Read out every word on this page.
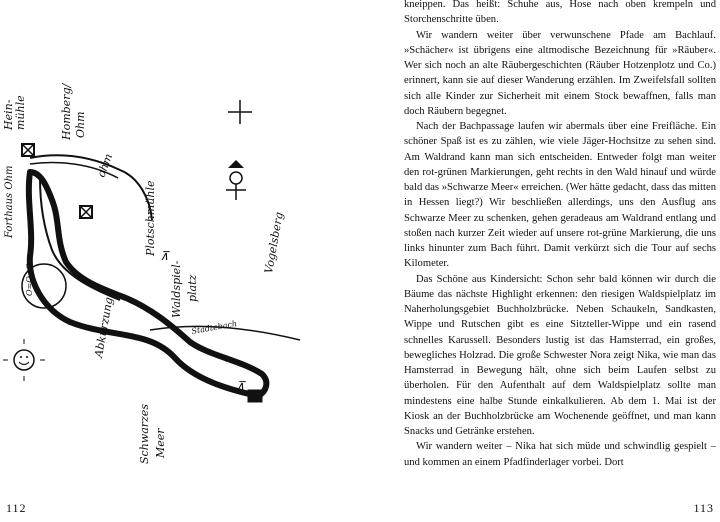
⊼
⊼
Hein- mühle	Homberg/ Ohm
ohm
Forthaus Ohm
O=O=O
Plotschmühle	Vogelsberg
Waldspiel- platz
Abkürzung
Schwarzes Meer
Stadtebach
112

kneippen. Das heißt: Schuhe aus, Hose nach oben krempeln und Storchenschritte üben.

Wir wandern weiter über verwunschene Pfade am Bachlauf. »Schächer« ist übrigens eine altmodische Bezeichnung für »Räuber«. Wer sich noch an alte Räubergeschichten (Räuber Hotzenplotz und Co.) erinnert, kann sie auf dieser Wanderung erzählen. Im Zweifelsfall sollten sich alle Kinder zur Sicherheit mit einem Stock bewaffnen, falls man doch Räubern begegnet.

Nach der Bachpassage laufen wir abermals über eine Freifläche. Ein schöner Spaß ist es zu zählen, wie viele Jäger-Hochsitze zu sehen sind. Am Waldrand kann man sich entscheiden. Entweder folgt man weiter den rot-grünen Markierungen, geht rechts in den Wald hinauf und würde bald das »Schwarze Meer« erreichen. (Wer hätte gedacht, dass das mitten in Hessen liegt?) Wir beschließen allerdings, uns den Ausflug ans Schwarze Meer zu schenken, gehen geradeaus am Waldrand entlang und stoßen nach kurzer Zeit wieder auf unsere rot-grüne Markierung, die uns links hinunter zum Bach führt. Damit verkürzt sich die Tour auf sechs Kilometer.

Das Schöne aus Kindersicht: Schon sehr bald können wir durch die Bäume das nächste Highlight erkennen: den riesigen Waldspielplatz im Naherholungsgebiet Buchholzbrücke. Neben Schaukeln, Sandkasten, Wippe und Rutschen gibt es eine Sitzteller-Wippe und ein rasend schnelles Karussell. Besonders lustig ist das Hamsterrad, ein großes, bewegliches Holzrad. Die große Schwester Nora zeigt Nika, wie man das Hamsterrad in Bewegung hält, ohne sich beim Laufen selbst zu überholen. Für den Aufenthalt auf dem Waldspielplatz sollte man mindestens eine halbe Stunde einkalkulieren. Ab dem 1. Mai ist der Kiosk an der Buchholzbrücke am Wochenende geöffnet, und man kann Snacks und Getränke erstehen.

Wir wandern weiter – Nika hat sich müde und schwindlig gespielt – und kommen an einem Pfadfinderlager vorbei. Dort

113
